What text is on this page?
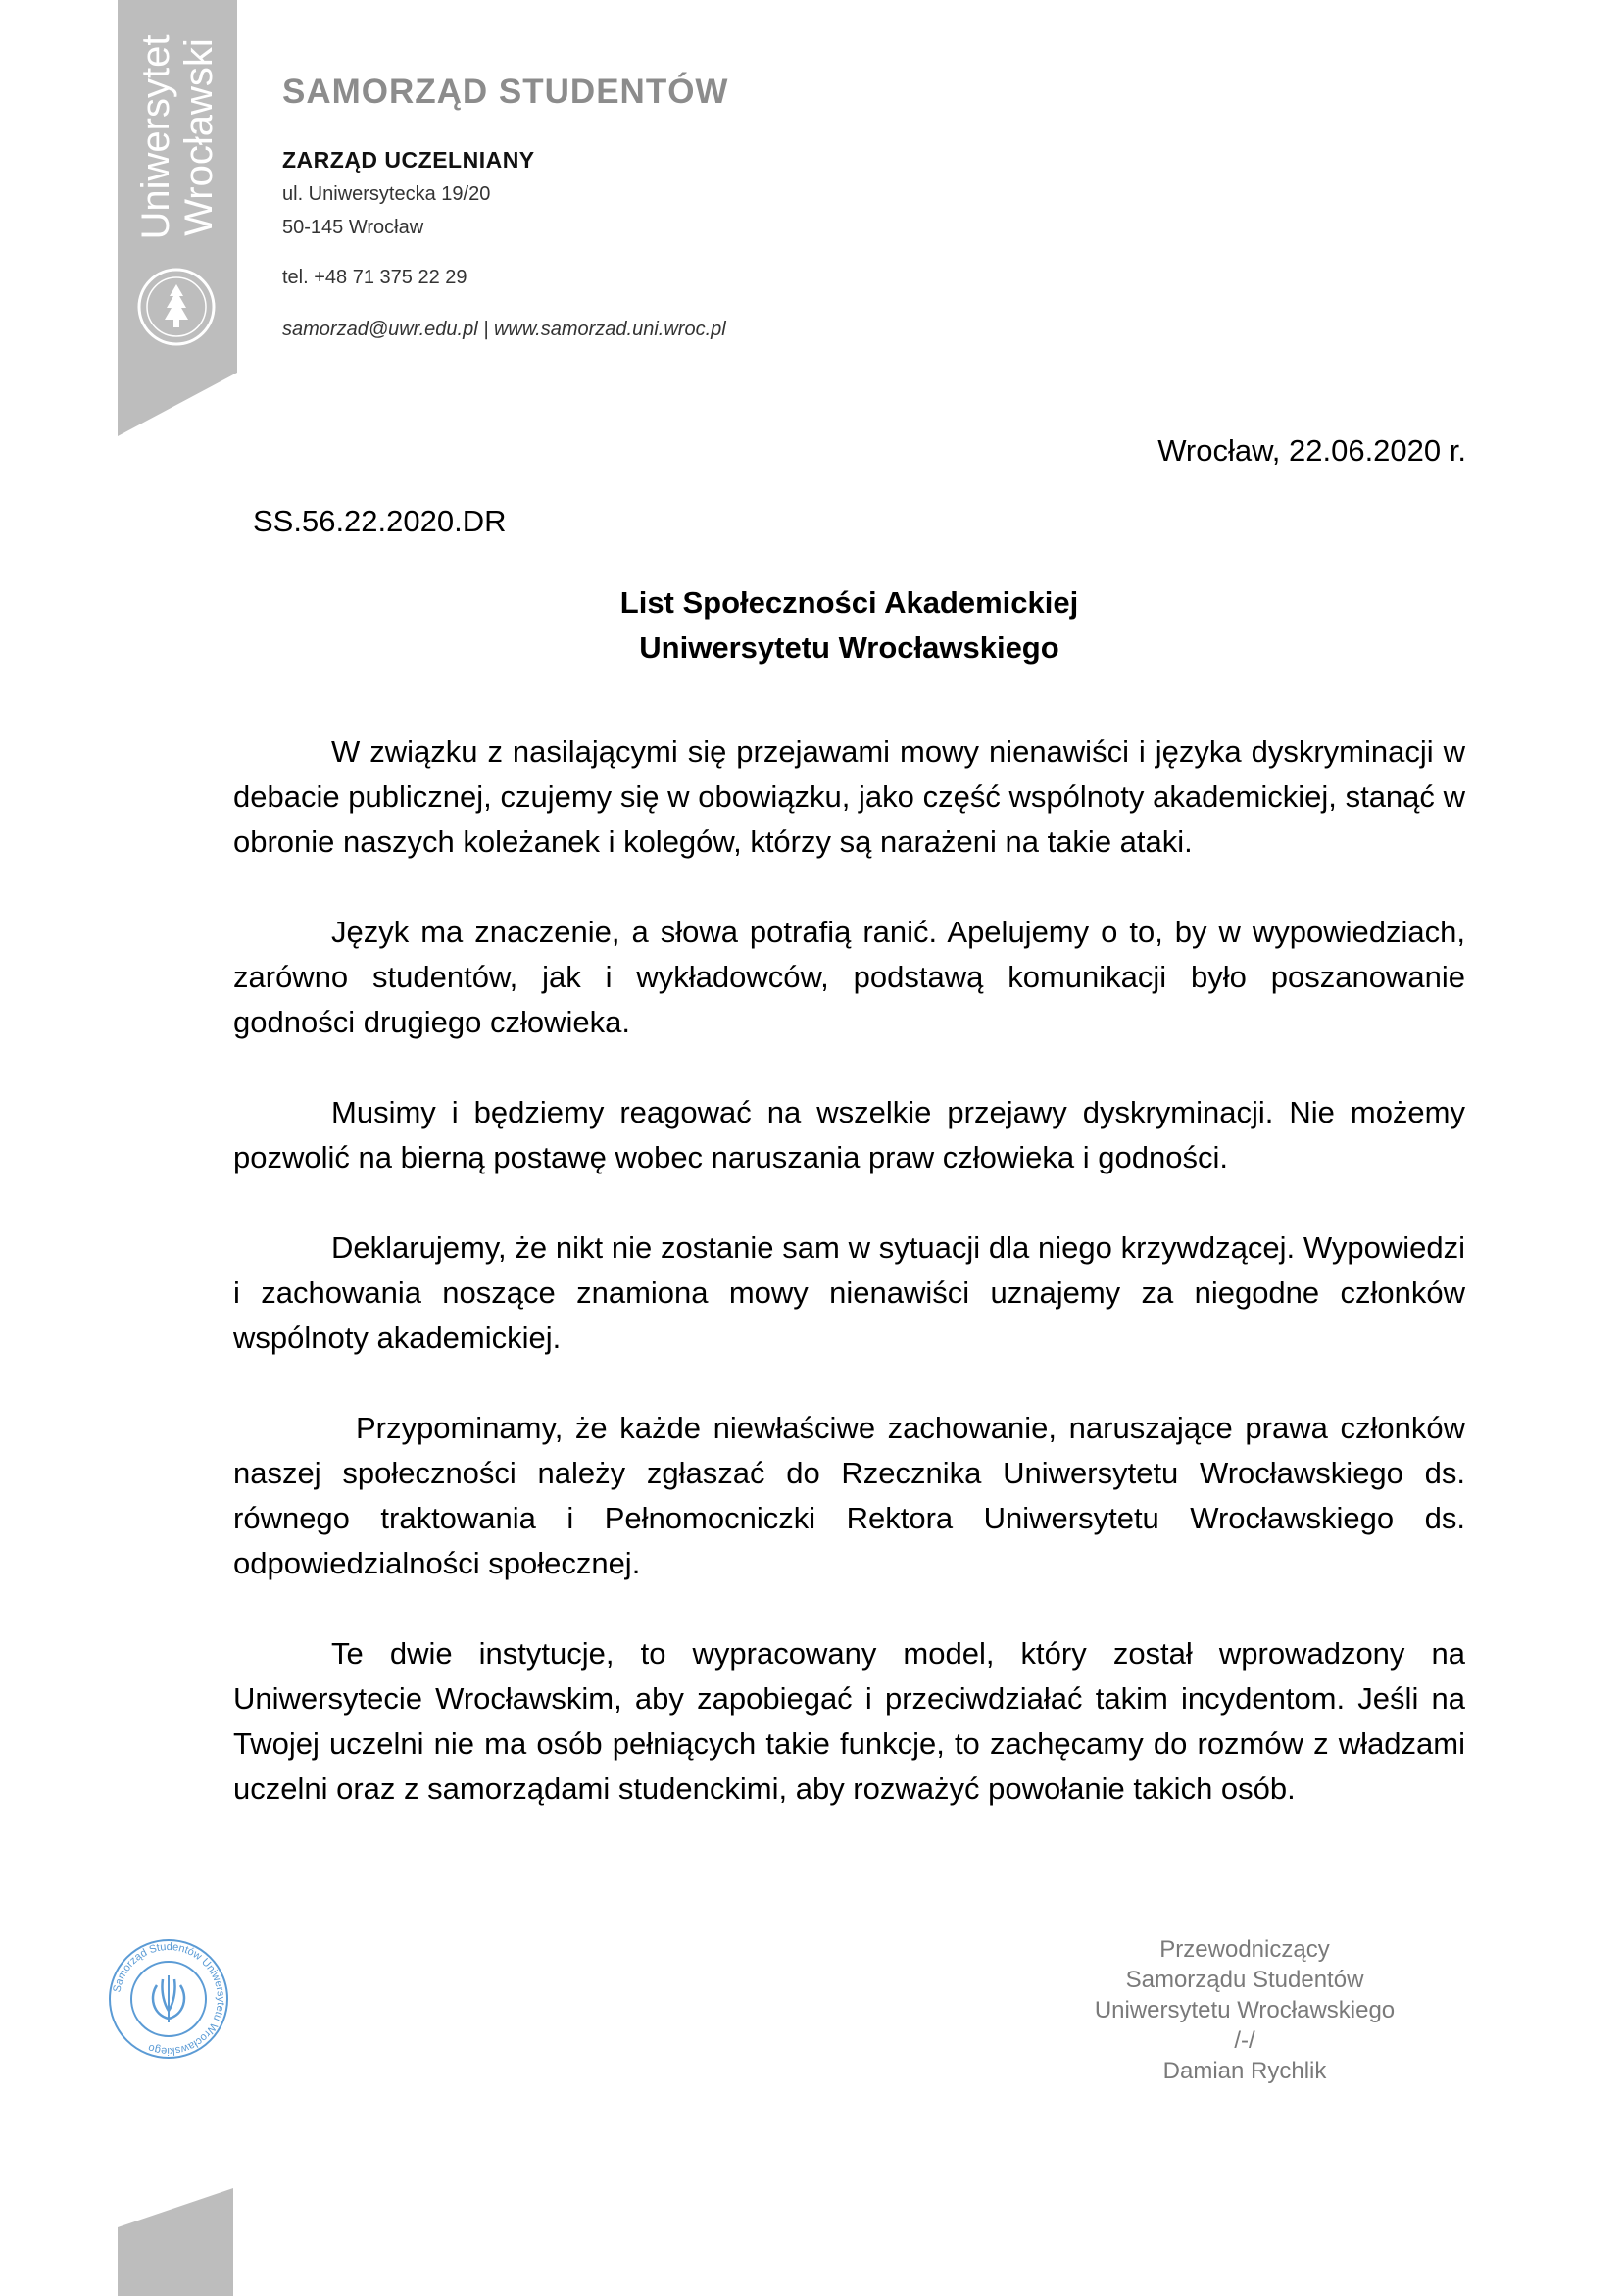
Uniwersytet Wrocławski SAMORZĄD STUDENTÓW
ZARZĄD UCZELNIANY
ul. Uniwersytecka 19/20
50-145 Wrocław
tel. +48 71 375 22 29
samorzad@uwr.edu.pl | www.samorzad.uni.wroc.pl
Wrocław, 22.06.2020 r.
SS.56.22.2020.DR
List Społeczności Akademickiej
Uniwersytetu Wrocławskiego

W związku z nasilającymi się przejawami mowy nienawiści i języka dyskryminacji w debacie publicznej, czujemy się w obowiązku, jako część wspólnoty akademickiej, stanąć w obronie naszych koleżanek i kolegów, którzy są narażeni na takie ataki.

Język ma znaczenie, a słowa potrafią ranić. Apelujemy o to, by w wypowiedziach, zarówno studentów, jak i wykładowców, podstawą komunikacji było poszanowanie godności drugiego człowieka.

Musimy i będziemy reagować na wszelkie przejawy dyskryminacji. Nie możemy pozwolić na bierną postawę wobec naruszania praw człowieka i godności.

Deklarujemy, że nikt nie zostanie sam w sytuacji dla niego krzywdzącej. Wypowiedzi i zachowania noszące znamiona mowy nienawiści uznajemy za niegodne członków wspólnoty akademickiej.

Przypominamy, że każde niewłaściwe zachowanie, naruszające prawa członków naszej społeczności należy zgłaszać do Rzecznika Uniwersytetu Wrocławskiego ds. równego traktowania i Pełnomocniczki Rektora Uniwersytetu Wrocławskiego ds. odpowiedzialności społecznej.

Te dwie instytucje, to wypracowany model, który został wprowadzony na Uniwersytecie Wrocławskim, aby zapobiegać i przeciwdziałać takim incydentom. Jeśli na Twojej uczelni nie ma osób pełniących takie funkcje, to zachęcamy do rozmów z władzami uczelni oraz z samorządami studenckimi, aby rozważyć powołanie takich osób.

Samorząd Studentów Uniwersytetu Wrocławskiego
Przewodniczący
Samorządu Studentów
Uniwersytetu Wrocławskiego
/-/
Damian Rychlik
